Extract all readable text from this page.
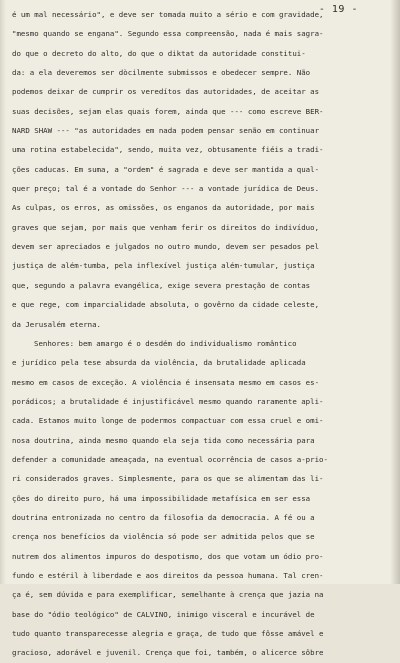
- 19 -
é um mal necessário", e deve ser tomada muito a sério e com gravidade,
"mesmo quando se engana". Segundo essa compreensão, nada é mais sagra-
do que o decreto do alto, do que o diktat da autoridade constitui-
da: a ela deveremos ser dòcilmente submissos e obedecer sempre. Não
podemos deixar de cumprir os veredítos das autoridades, de aceitar as
suas decisões, sejam elas quais forem, ainda que --- como escreve BER-
NARD SHAW --- "as autoridades em nada podem pensar senão em continuar
uma rotina estabelecida", sendo, muita vez, obtusamente fiéis a tradi-
ções caducas. Em suma, a "ordem" é sagrada e deve ser mantida a qual-
quer preço; tal é a vontade do Senhor --- a vontade jurídica de Deus.
As culpas, os erros, as omissões, os enganos da autoridade, por mais
graves que sejam, por mais que venham ferir os direitos do indivíduo,
devem ser apreciados e julgados no outro mundo, devem ser pesados pel
justiça de além-tumba, pela inflexível justiça além-tumular, justiça
que, segundo a palavra evangélica, exige severa prestação de contas
e que rege, com imparcialidade absoluta, o govêrno da cidade celeste,
da Jerusalém eterna.
Senhores: bem amargo é o desdém do individualismo romântico
e jurídico pela tese absurda da violência, da brutalidade aplicada
mesmo em casos de exceção. A violência é insensata mesmo em casos es-
porádicos; a brutalidade é injustificável mesmo quando raramente apli-
cada. Estamos muito longe de podermos compactuar com essa cruel e omi-
nosa doutrina, ainda mesmo quando ela seja tida como necessária para
defender a comunidade ameaçada, na eventual ocorrência de casos a-prio-
ri considerados graves. Simplesmente, para os que se alimentam das li-
ções do direito puro, há uma impossibilidade metafísica em ser essa
doutrina entronizada no centro da filosofia da democracia. A fé ou a
crença nos benefícios da violência só pode ser admitida pelos que se
nutrem dos alimentos impuros do despotismo, dos que votam um ódio pro-
fundo e estéril à liberdade e aos direitos da pessoa humana. Tal cren-
ça é, sem dúvida e para exemplificar, semelhante à crença que jazia na
base do "ódio teológico" de CALVINO, inimigo visceral e incurável de
tudo quanto transparecesse alegria e graça, de tudo que fôsse amável e
gracioso, adorável e juvenil. Crença que foi, também, o alicerce sôbre
